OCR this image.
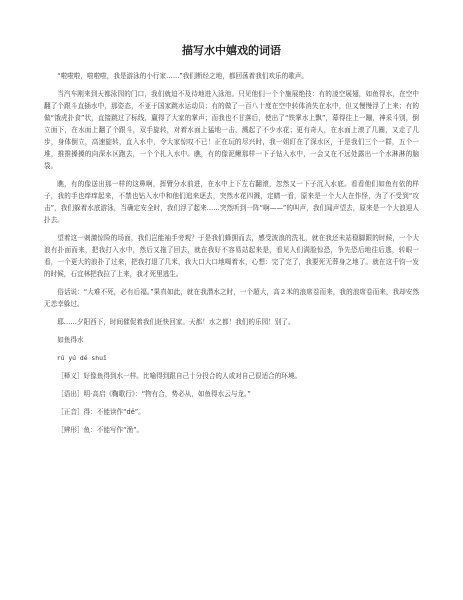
描写水中嬉戏的词语
“啦啦啦，啦啦啦，我是游泳的小行家……”我们断经之地，都回荡着我们欢乐的歌声。
当汽车刚来到天都泳园的门口，我们就迫不及待地进入泳池。只见他们一个个施展绝技：有的凌空展翅，如鱼得水，在空中翻了个跟斗直插水中，那姿态，不亚于国家跳水运动员；有的做了一百八十度在空中转体消失在水中，但又慢慢浮了上来；有的做“饿虎扑食”状，直接跳过了标线，赢得了大家的掌声；而我也不甘落后，使出了“铁掌水上飘”，幕得往上一蹦，神采斗别，倒立面下，在水面上翻了个跟斗，双手旋转，对着水面上猛地一击，溅起了不少水花；更有奇人，在水面上滚了几圈，又走了几步，身体倒立，高速旋转，直入水中，令大家惊叹不已！正在玩的尽兴时，我一姐盯在了深水区，于是我们三个一群，五个一堆，推推搡搡的向深水区跑去，一个个扎入水中。瞧，有的像泥鳅那样一下子钻入水中，一会又在不远处露出一个水淋淋的脑袋。
瞧，有的像送出那一样的这鼻啊，挥臂分水前进，在水中上下左右翻滚，忽然又一下子沉入水底。看看他们如鱼有依的样子，我的手也痒痒起来，不禁也钻入水中和他们追来逐去，突然水花四溅，定睛一看，原来是一个大人在作怪，为了不受到“攻击”，我们躲着水底游泳，当确定安全时，我们浮了起来……突然听到一阵“啊——”的叫声，我们闻声望去，原来是一个大浪迎人扑去。
望着这一刺激惊险的场面，我们岂能袖手旁观？于是我们蜂拥而去，感受波浪的洗礼，就在我还未站稳脚跟的时候，一个大浪有扑面而来，把我打入水中，然后又拖了回去，就在我好不容易站起来是，看见人们满脸惊恐，争先恐后地往后逃，转眼一看，一个更大的浪扑了过来，把我打退了几米，我大口大口地喝着水，心想：完了完了，我要死无葬身之地了。就在这千钧一发的时候，石宜林把我拉了上来，我才死里逃生。
俗话说：“大难不死，必有后福。”果真如此，就在我潜水之时，一个超大，高２米的浪席卷而来，我的浪席卷而来，我却安然无恙幸躲过。
耶……夕阳西下，时间催促着我们赶快回家。天都！水之都！我们的乐园！别了。
如鱼得水
rú yú dé shuǐ
［释义］好像鱼得到水一样。比喻得到跟自己十分投合的人或对自己很适合的环境。
［语出］明·高启《鞠歌行》：“物有合，势必从，如鱼得水云与龙。”
［正音］得：不能读作“dě”。
［辨形］鱼：不能写作“渔”。
